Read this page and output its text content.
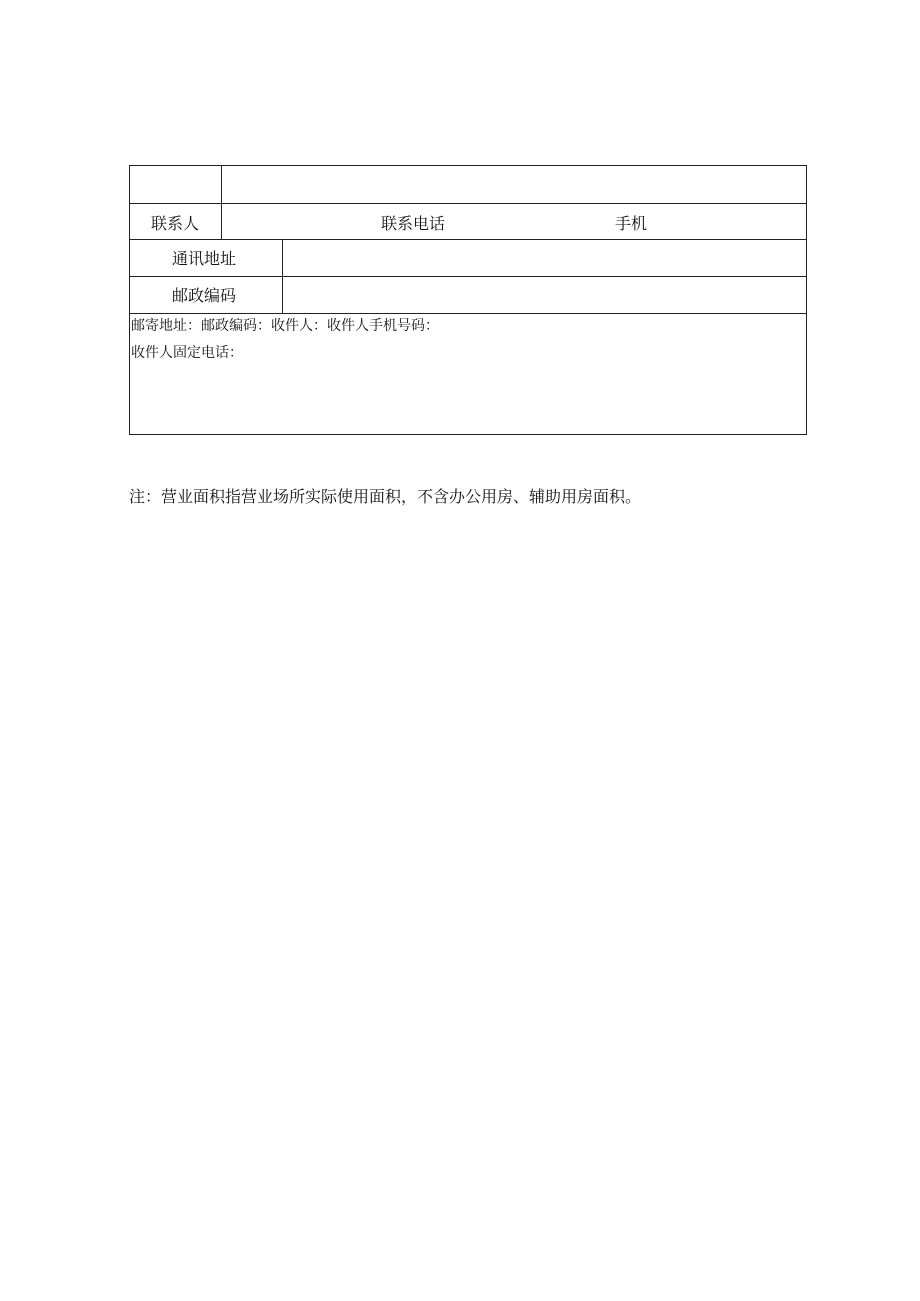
联系人	联系电话	手机
通讯地址
邮政编码
邮寄地址：邮政编码：收件人：收件人手机号码：
收件人固定电话：
注：营业面积指营业场所实际使用面积，不含办公用房、辅助用房面积。
